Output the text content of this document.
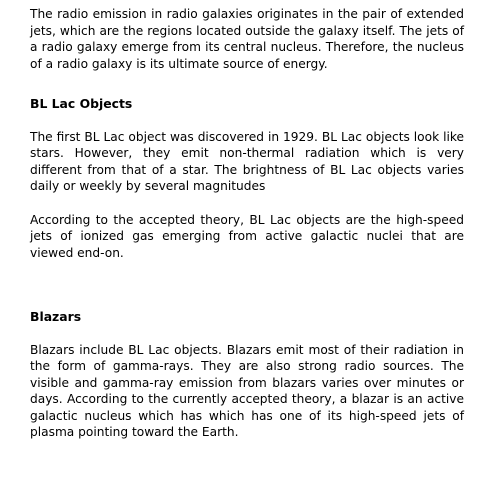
The radio emission in radio galaxies originates in the pair of extended jets, which are the regions located outside the galaxy itself. The jets of a radio galaxy emerge from its central nucleus. Therefore, the nucleus of a radio galaxy is its ultimate source of energy.

BL Lac Objects

The first BL Lac object was discovered in 1929. BL Lac objects look like stars. However, they emit non-thermal radiation which is very different from that of a star. The brightness of BL Lac objects varies daily or weekly by several magnitudes

According to the accepted theory, BL Lac objects are the high-speed jets of ionized gas emerging from active galactic nuclei that are viewed end-on.

Blazars

Blazars include BL Lac objects. Blazars emit most of their radiation in the form of gamma-rays. They are also strong radio sources. The visible and gamma-ray emission from blazars varies over minutes or days. According to the currently accepted theory, a blazar is an active galactic nucleus which has which has one of its high-speed jets of plasma pointing toward the Earth.
